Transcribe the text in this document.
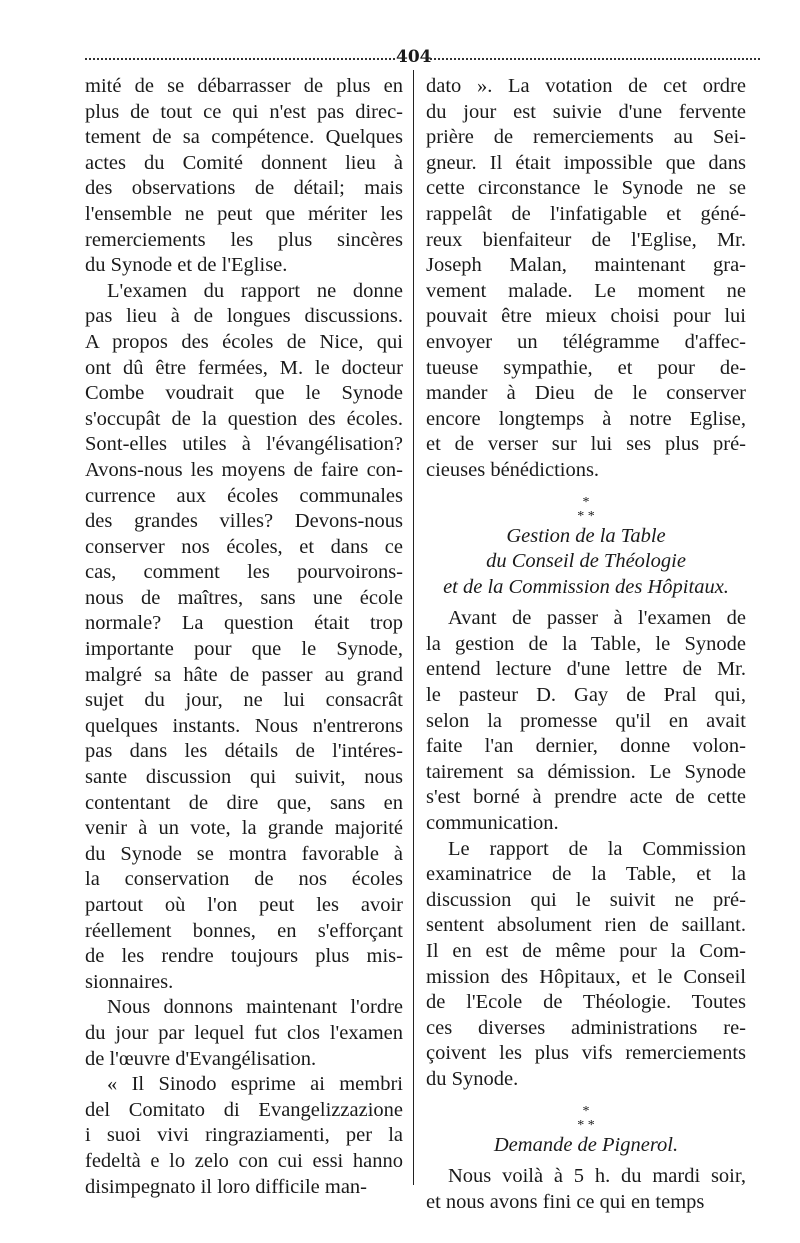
404

mité de se débarrasser de plus en
plus de tout ce qui n'est pas direc-
tement de sa compétence. Quelques
actes du Comité donnent lieu à
des observations de détail; mais
l'ensemble ne peut que mériter les
remerciements les plus sincères
du Synode et de l'Eglise.

L'examen du rapport ne donne
pas lieu à de longues discussions.
A propos des écoles de Nice, qui
ont dû être fermées, M. le docteur
Combe voudrait que le Synode
s'occupât de la question des écoles.
Sont-elles utiles à l'évangélisation?
Avons-nous les moyens de faire con-
currence aux écoles communales
des grandes villes? Devons-nous
conserver nos écoles, et dans ce
cas, comment les pourvoirons-
nous de maîtres, sans une école
normale? La question était trop
importante pour que le Synode,
malgré sa hâte de passer au grand
sujet du jour, ne lui consacrât
quelques instants. Nous n'entrerons
pas dans les détails de l'intéres-
sante discussion qui suivit, nous
contentant de dire que, sans en
venir à un vote, la grande majorité
du Synode se montra favorable à
la conservation de nos écoles
partout où l'on peut les avoir
réellement bonnes, en s'efforçant
de les rendre toujours plus mis-
sionnaires.

Nous donnons maintenant l'ordre
du jour par lequel fut clos l'examen
de l'œuvre d'Evangélisation.

« Il Sinodo esprime ai membri
del Comitato di Evangelizzazione
i suoi vivi ringraziamenti, per la
fedeltà e lo zelo con cui essi hanno
disimpegnato il loro difficile man-

dato ». La votation de cet ordre
du jour est suivie d'une fervente
prière de remerciements au Sei-
gneur. Il était impossible que dans
cette circonstance le Synode ne se
rappelât de l'infatigable et géné-
reux bienfaiteur de l'Eglise, Mr.
Joseph Malan, maintenant gra-
vement malade. Le moment ne
pouvait être mieux choisi pour lui
envoyer un télégramme d'affec-
tueuse sympathie, et pour de-
mander à Dieu de le conserver
encore longtemps à notre Eglise,
et de verser sur lui ses plus pré-
cieuses bénédictions.

*
* *
Gestion de la Table
du Conseil de Théologie
et de la Commission des Hôpitaux.

Avant de passer à l'examen de
la gestion de la Table, le Synode
entend lecture d'une lettre de Mr.
le pasteur D. Gay de Pral qui,
selon la promesse qu'il en avait
faite l'an dernier, donne volon-
tairement sa démission. Le Synode
s'est borné à prendre acte de cette
communication.

Le rapport de la Commission
examinatrice de la Table, et la
discussion qui le suivit ne pré-
sentent absolument rien de saillant.
Il en est de même pour la Com-
mission des Hôpitaux, et le Conseil
de l'Ecole de Théologie. Toutes
ces diverses administrations re-
çoivent les plus vifs remerciements
du Synode.

*
* *
Demande de Pignerol.

Nous voilà à 5 h. du mardi soir,
et nous avons fini ce qui en temps
